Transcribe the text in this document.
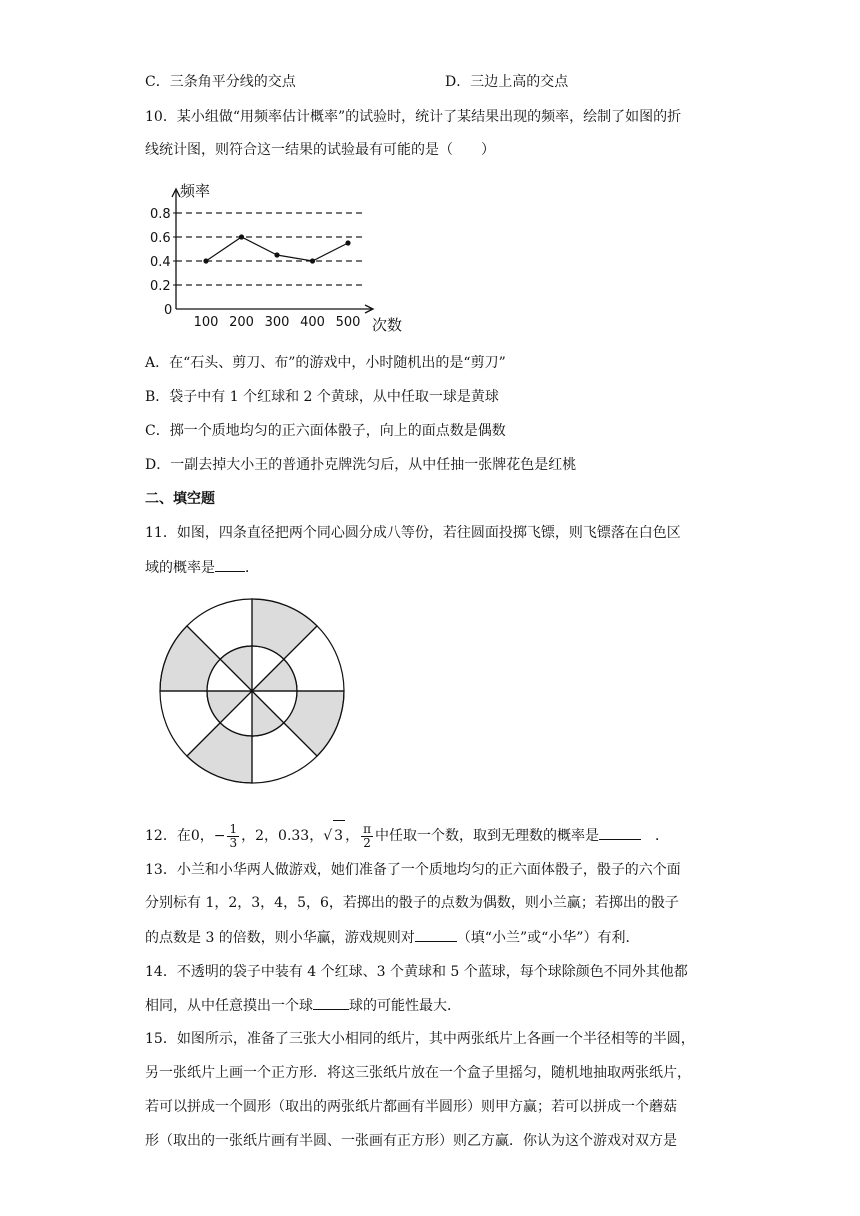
C．三条角平分线的交点	D．三边上高的交点
10．某小组做“用频率估计概率”的试验时，统计了某结果出现的频率，绘制了如图的折
线统计图，则符合这一结果的试验最有可能的是（　　）
0
0.2
0.4
0.6
0.8
100 200 300 400 500
频率
次数
A．在“石头、剪刀、布”的游戏中，小时随机出的是“剪刀”
B．袋子中有 1 个红球和 2 个黄球，从中任取一球是黄球
C．掷一个质地均匀的正六面体骰子，向上的面点数是偶数
D．一副去掉大小王的普通扑克牌洗匀后，从中任抽一张牌花色是红桃
二、填空题
11．如图，四条直径把两个同心圆分成八等份，若往圆面投掷飞镖，则飞镖落在白色区
域的概率是 ．
12．在0，− $\frac{1}{3}$ ，2，0.33，√ 3 ， $\frac{\pi}{2}$ 中任取一个数，取到无理数的概率是	．
13．小兰和小华两人做游戏，她们准备了一个质地均匀的正六面体骰子，骰子的六个面
分别标有 1，2，3，4，5，6，若掷出的骰子的点数为偶数，则小兰赢；若掷出的骰子
的点数是 3 的倍数，则小华赢，游戏规则对	（填“小兰”或“小华”）有利．
14．不透明的袋子中装有 4 个红球、3 个黄球和 5 个蓝球，每个球除颜色不同外其他都
相同，从中任意摸出一个球	球的可能性最大．
15．如图所示，准备了三张大小相同的纸片，其中两张纸片上各画一个半径相等的半圆，
另一张纸片上画一个正方形．将这三张纸片放在一个盒子里摇匀，随机地抽取两张纸片，
若可以拼成一个圆形（取出的两张纸片都画有半圆形）则甲方赢；若可以拼成一个蘑菇
形（取出的一张纸片画有半圆、一张画有正方形）则乙方赢．你认为这个游戏对双方是
